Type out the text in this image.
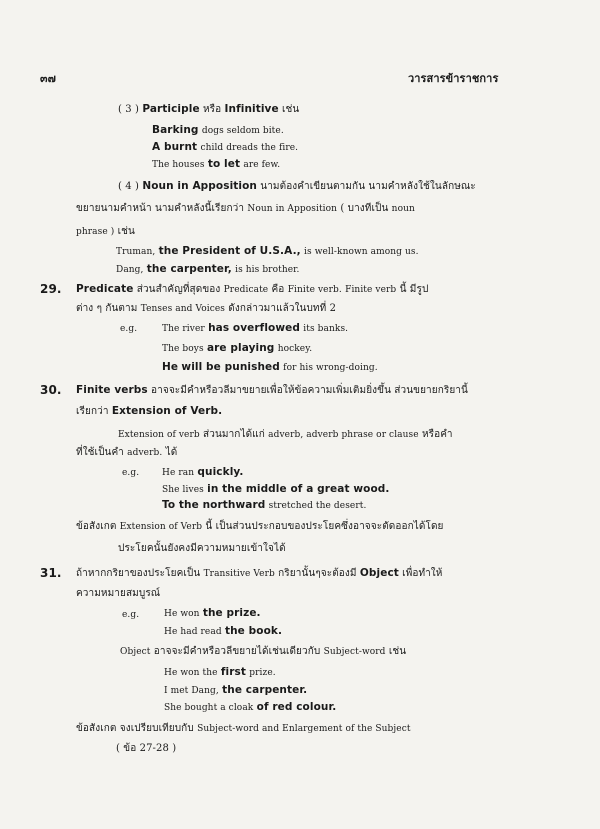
๓๗	วารสารข้าราชการ
( 3 ) Participle หรือ Infinitive เช่น
Barking dogs seldom bite.
A burnt child dreads the fire.
The houses to let are few.
( 4 ) Noun in Apposition นามต้องคำเขียนตามกัน นามคำหลังใช้ในลักษณะ
ขยายนามคำหน้า นามคำหลังนี้เรียกว่า Noun in Apposition ( บางทีเป็น noun
phrase ) เช่น
Truman, the President of U.S.A., is well-known among us.
Dang, the carpenter, is his brother.
29. Predicate ส่วนสำคัญที่สุดของ Predicate คือ Finite verb. Finite verb นี้ มีรูป
ต่าง ๆ กันตาม Tenses and Voices ดังกล่าวมาแล้วในบทที่ 2
e.g.	The river has overflowed its banks.
The boys are playing hockey.
He will be punished for his wrong-doing.
30. Finite verbs อาจจะมีคำหรือวลีมาขยายเพื่อให้ข้อความเพิ่มเติมยิ่งขึ้น ส่วนขยายกริยานี้
เรียกว่า Extension of Verb.
Extension of verb ส่วนมากได้แก่ adverb, adverb phrase or clause หรือคำ
ที่ใช้เป็นคำ adverb. ได้
e.g.	He ran quickly.
She lives in the middle of a great wood.
To the northward stretched the desert.
ข้อสังเกต Extension of Verb นี้ เป็นส่วนประกอบของประโยคซึ่งอาจจะตัดออกได้โดย
ประโยคนั้นยังคงมีความหมายเข้าใจได้
31. ถ้าหากกริยาของประโยคเป็น Transitive Verb กริยานั้นๆจะต้องมี Object เพื่อทำให้
ความหมายสมบูรณ์
e.g.	He won the prize.
He had read the book.
Object อาจจะมีคำหรือวลีขยายได้เช่นเดียวกับ Subject-word เช่น
He won the first prize.
I met Dang, the carpenter.
She bought a cloak of red colour.
ข้อสังเกต จงเปรียบเทียบกับ Subject-word and Enlargement of the Subject
( ข้อ 27-28 )
